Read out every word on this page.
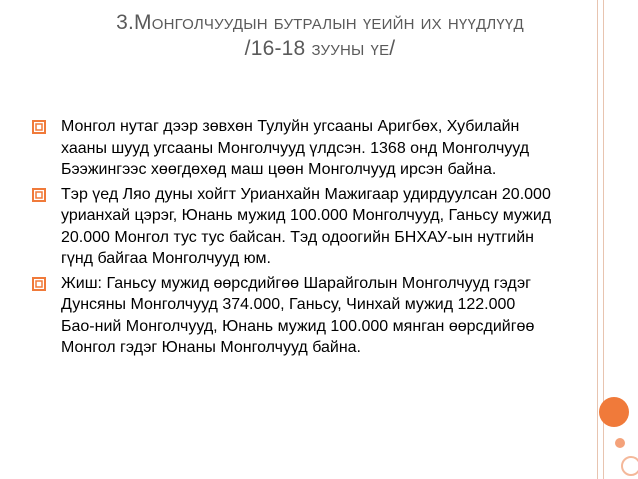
3.Монголчуудын бутралын үеийн их нүүдлүүд
/16-18 зууны үе/
Монгол нутаг дээр зөвхөн Тулуйн угсааны Аригбөх, Хубилайн хааны шууд угсааны Монголчууд үлдсэн. 1368 онд Монголчууд Бээжингээс хөөгдөхөд маш цөөн Монголчууд ирсэн байна.
Тэр үед Ляо дуны хойгт Урианхайн Мажигаар удирдуулсан 20.000 урианхай цэрэг, Юнань мужид 100.000 Монголчууд, Ганьсу мужид 20.000 Монгол тус тус байсан. Тэд одоогийн БНХАУ-ын нутгийн гүнд байгаа Монголчууд юм.
Жиш: Ганьсу мужид өөрсдийгөө Шарайголын Монголчууд гэдэг Дунсяны Монголчууд 374.000, Ганьсу, Чинхай мужид 122.000 Бао-ний Монголчууд, Юнань мужид 100.000 мянган өөрсдийгөө Монгол гэдэг Юнаны Монголчууд байна.
